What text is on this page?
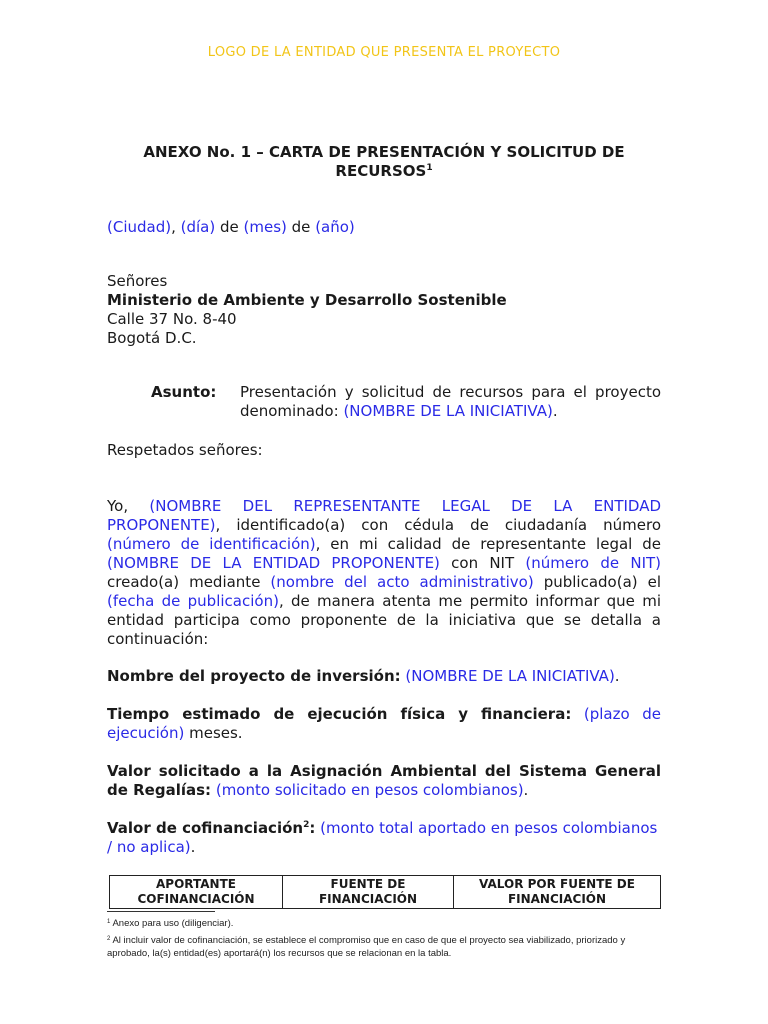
LOGO DE LA ENTIDAD QUE PRESENTA EL PROYECTO
ANEXO No. 1 – CARTA DE PRESENTACIÓN Y SOLICITUD DE RECURSOS$^1$
(Ciudad), (día) de (mes) de (año)
Señores
Ministerio de Ambiente y Desarrollo Sostenible
Calle 37 No. 8-40
Bogotá D.C.
Asunto: Presentación y solicitud de recursos para el proyecto denominado: (NOMBRE DE LA INICIATIVA).
Respetados señores:
Yo, (NOMBRE DEL REPRESENTANTE LEGAL DE LA ENTIDAD PROPONENTE), identificado(a) con cédula de ciudadanía número (número de identificación), en mi calidad de representante legal de (NOMBRE DE LA ENTIDAD PROPONENTE) con NIT (número de NIT) creado(a) mediante (nombre del acto administrativo) publicado(a) el (fecha de publicación), de manera atenta me permito informar que mi entidad participa como proponente de la iniciativa que se detalla a continuación:
Nombre del proyecto de inversión: (NOMBRE DE LA INICIATIVA).
Tiempo estimado de ejecución física y financiera: (plazo de ejecución) meses.
Valor solicitado a la Asignación Ambiental del Sistema General de Regalías: (monto solicitado en pesos colombianos).
Valor de cofinanciación$^2$: (monto total aportado en pesos colombianos / no aplica).
APORTANTE COFINANCIACIÓN	FUENTE DE FINANCIACIÓN	VALOR POR FUENTE DE FINANCIACIÓN
$^1$ Anexo para uso (diligenciar).
$^2$ Al incluir valor de cofinanciación, se establece el compromiso que en caso de que el proyecto sea viabilizado, priorizado y aprobado, la(s) entidad(es) aportará(n) los recursos que se relacionan en la tabla.
